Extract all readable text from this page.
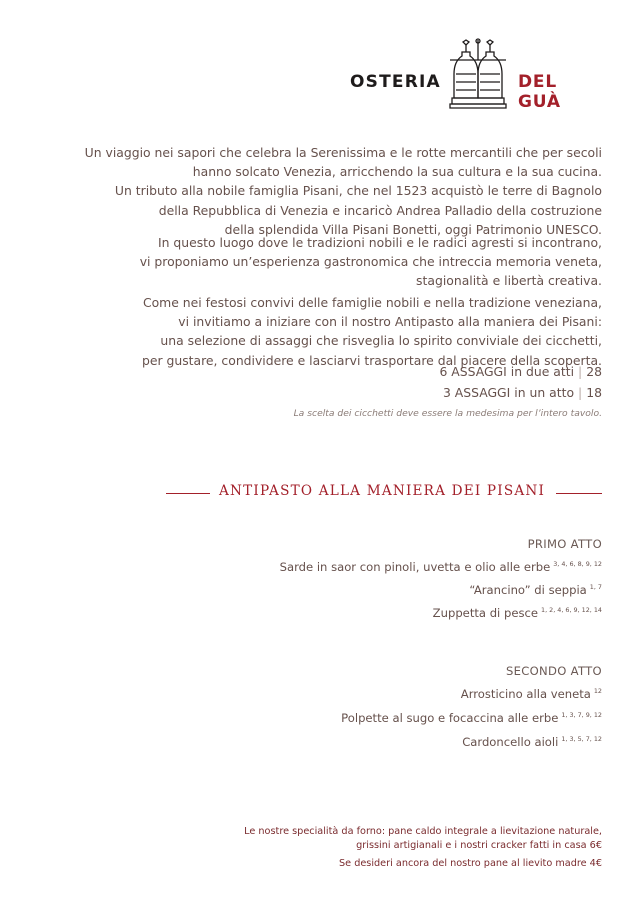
OSTERIA	DEL GUÀ

Un viaggio nei sapori che celebra la Serenissima e le rotte mercantili che per secoli

hanno solcato Venezia, arricchendo la sua cultura e la sua cucina.

Un tributo alla nobile famiglia Pisani, che nel 1523 acquistò le terre di Bagnolo

della Repubblica di Venezia e incaricò Andrea Palladio della costruzione

della splendida Villa Pisani Bonetti, oggi Patrimonio UNESCO.

In questo luogo dove le tradizioni nobili e le radici agresti si incontrano,

vi proponiamo un’esperienza gastronomica che intreccia memoria veneta,

stagionalità e libertà creativa.

Come nei festosi convivi delle famiglie nobili e nella tradizione veneziana,

vi invitiamo a iniziare con il nostro Antipasto alla maniera dei Pisani:

una selezione di assaggi che risveglia lo spirito conviviale dei cicchetti,

per gustare, condividere e lasciarvi trasportare dal piacere della scoperta.

6 ASSAGGI in due atti | 28
3 ASSAGGI in un atto | 18
La scelta dei cicchetti deve essere la medesima per l’intero tavolo.
ANTIPASTO ALLA MANIERA DEI PISANI
PRIMO ATTO
Sarde in saor con pinoli, uvetta e olio alle erbe $^{3, 4, 6, 8, 9, 12}$
“Arancino” di seppia $^{1, 7}$
Zuppetta di pesce $^{1, 2, 4, 6, 9, 12, 14}$
SECONDO ATTO
Arrosticino alla veneta $^{12}$
Polpette al sugo e focaccina alle erbe $^{1, 3, 7, 9, 12}$
Cardoncello aioli $^{1, 3, 5, 7, 12}$
Le nostre specialità da forno: pane caldo integrale a lievitazione naturale,
grissini artigianali e i nostri cracker fatti in casa 6€
Se desideri ancora del nostro pane al lievito madre 4€
